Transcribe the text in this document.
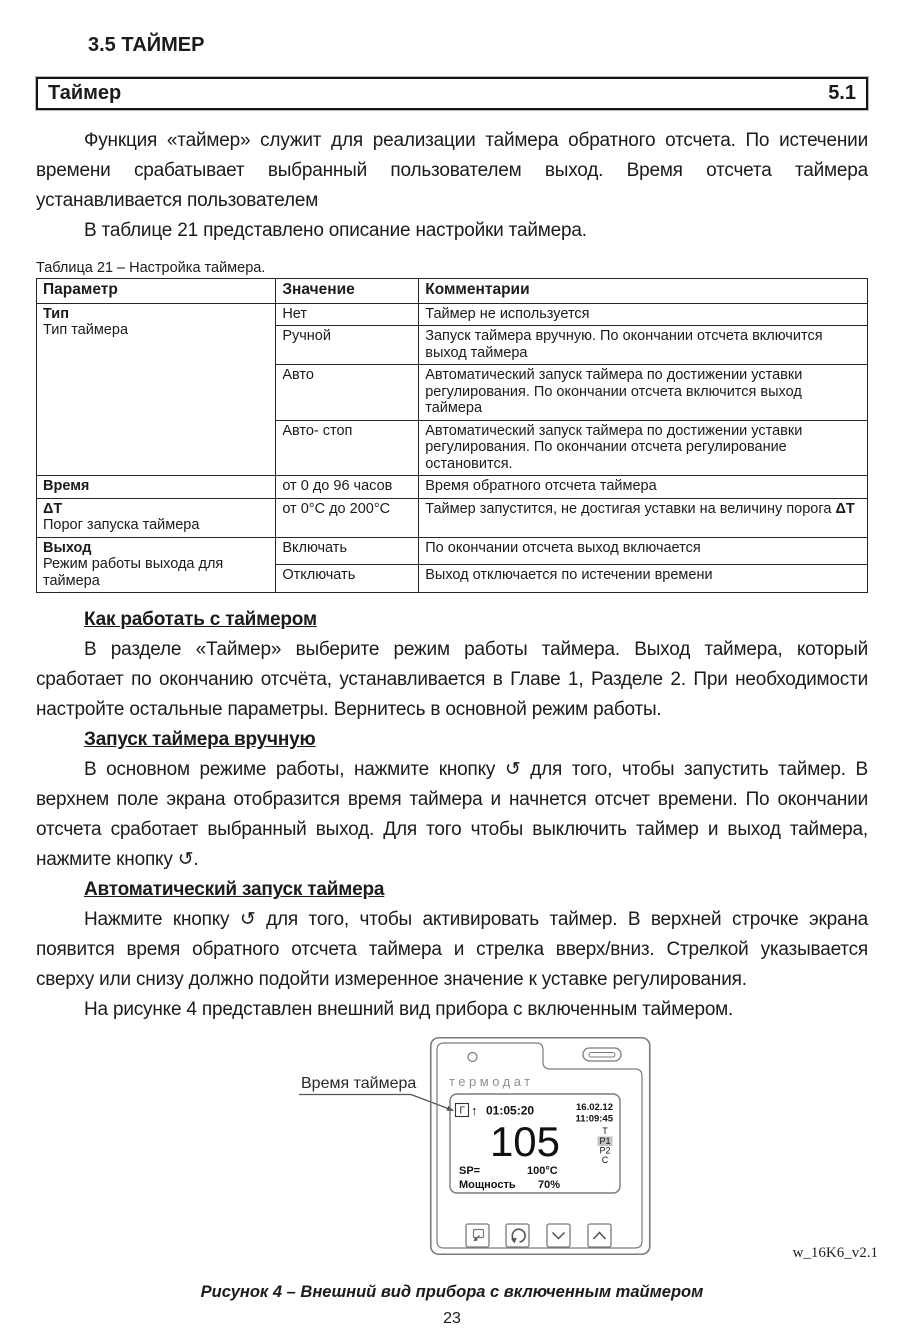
3.5 ТАЙМЕР
Таймер	5.1

Функция «таймер» служит для реализации таймера обратного отсчета. По истечении времени срабатывает выбранный пользователем выход. Время отсчета таймера устанавливается пользователем

В таблице 21 представлено описание настройки таймера.

Таблица 21 – Настройка таймера.
Параметр	Значение	Комментарии

Тип
Тип таймера	Нет	Таймер не используется
	Ручной	Запуск таймера вручную. По окончании отсчета включится выход таймера
	Авто	Автоматический запуск таймера по достижении уставки регулирования. По окончании отсчета включится выход таймера
	Авто- стоп	Автоматический запуск таймера по достижении уставки регулирования. По окончании отсчета регулирование остановится.
Время	от 0 до 96 часов	Время обратного отсчета таймера

ΔТ
Порог запуска таймера	от 0°С до 200°С	Таймер запустится, не достигая уставки на величину порога ΔТ

Выход
Режим работы выхода для таймера	Включать	По окончании отсчета выход включается
	Отключать	Выход отключается по истечении времени
Как работать с таймером

В разделе «Таймер» выберите режим работы таймера. Выход таймера, который сработает по окончанию отсчёта, устанавливается в Главе 1, Разделе 2. При необходимости настройте остальные параметры. Вернитесь в основной режим работы.

Запуск таймера вручную

В основном режиме работы, нажмите кнопку ↺ для того, чтобы запустить таймер. В верхнем поле экрана отобразится время таймера и начнется отсчет времени. По окончании отсчета сработает выбранный выход. Для того чтобы выключить таймер и выход таймера, нажмите кнопку ↺.

Автоматический запуск таймера

Нажмите кнопку ↺ для того, чтобы активировать таймер. В верхней строчке экрана появится время обратного отсчета таймера и стрелка вверх/вниз. Стрелкой указывается сверху или снизу должно подойти измеренное значение к уставке регулирования.

На рисунке 4 представлен внешний вид прибора с включенным таймером.

Время таймера	термодат
Г ↑ 01:05:20	16.02.12
11:09:45
105	T
P1
P2
C
SP=	100°C
Мощность 70%
Рисунок 4 – Внешний вид прибора с включенным таймером
23
w_16K6_v2.1
